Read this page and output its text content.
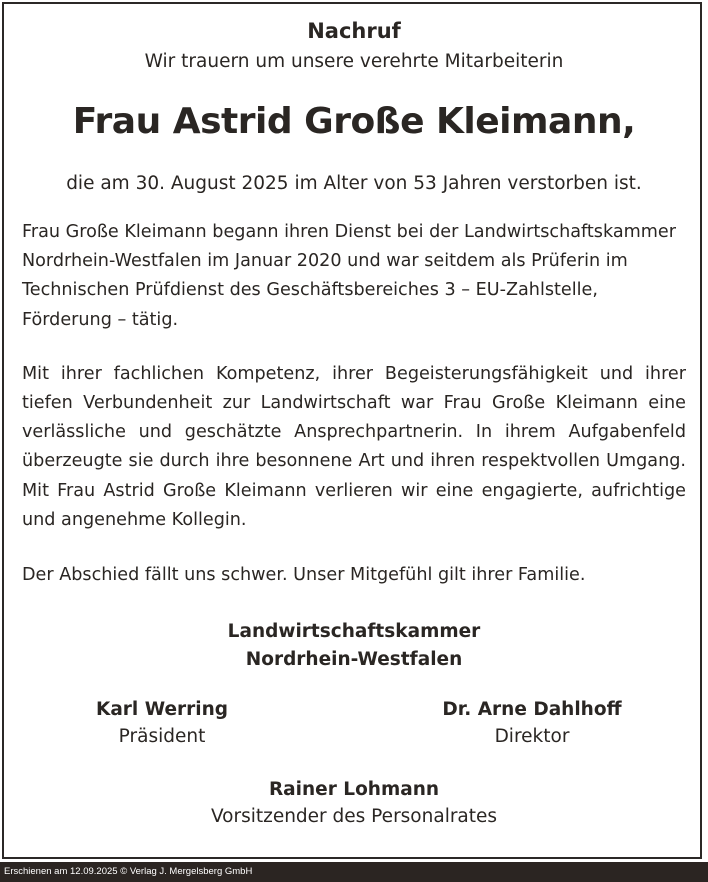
Nachruf

Wir trauern um unsere verehrte Mitarbeiterin

Frau Astrid Große Kleimann,

die am 30. August 2025 im Alter von 53 Jahren verstorben ist.

Frau Große Kleimann begann ihren Dienst bei der Landwirtschaftskammer Nordrhein-Westfalen im Januar 2020 und war seitdem als Prüferin im Technischen Prüfdienst des Geschäftsbereiches 3 – EU-Zahlstelle, Förderung – tätig.

Mit ihrer fachlichen Kompetenz, ihrer Begeisterungsfähigkeit und ihrer tiefen Verbundenheit zur Landwirtschaft war Frau Große Kleimann eine verlässliche und geschätzte Ansprechpartnerin. In ihrem Aufgabenfeld überzeugte sie durch ihre besonnene Art und ihren respektvollen Umgang. Mit Frau Astrid Große Kleimann verlieren wir eine engagierte, aufrichtige und angenehme Kollegin.

Der Abschied fällt uns schwer. Unser Mitgefühl gilt ihrer Familie.

Landwirtschaftskammer
Nordrhein-Westfalen
Karl Werring
Präsident
Dr. Arne Dahlhoff
Direktor
Rainer Lohmann
Vorsitzender des Personalrates
Erschienen am 12.09.2025 © Verlag J. Mergelsberg GmbH
